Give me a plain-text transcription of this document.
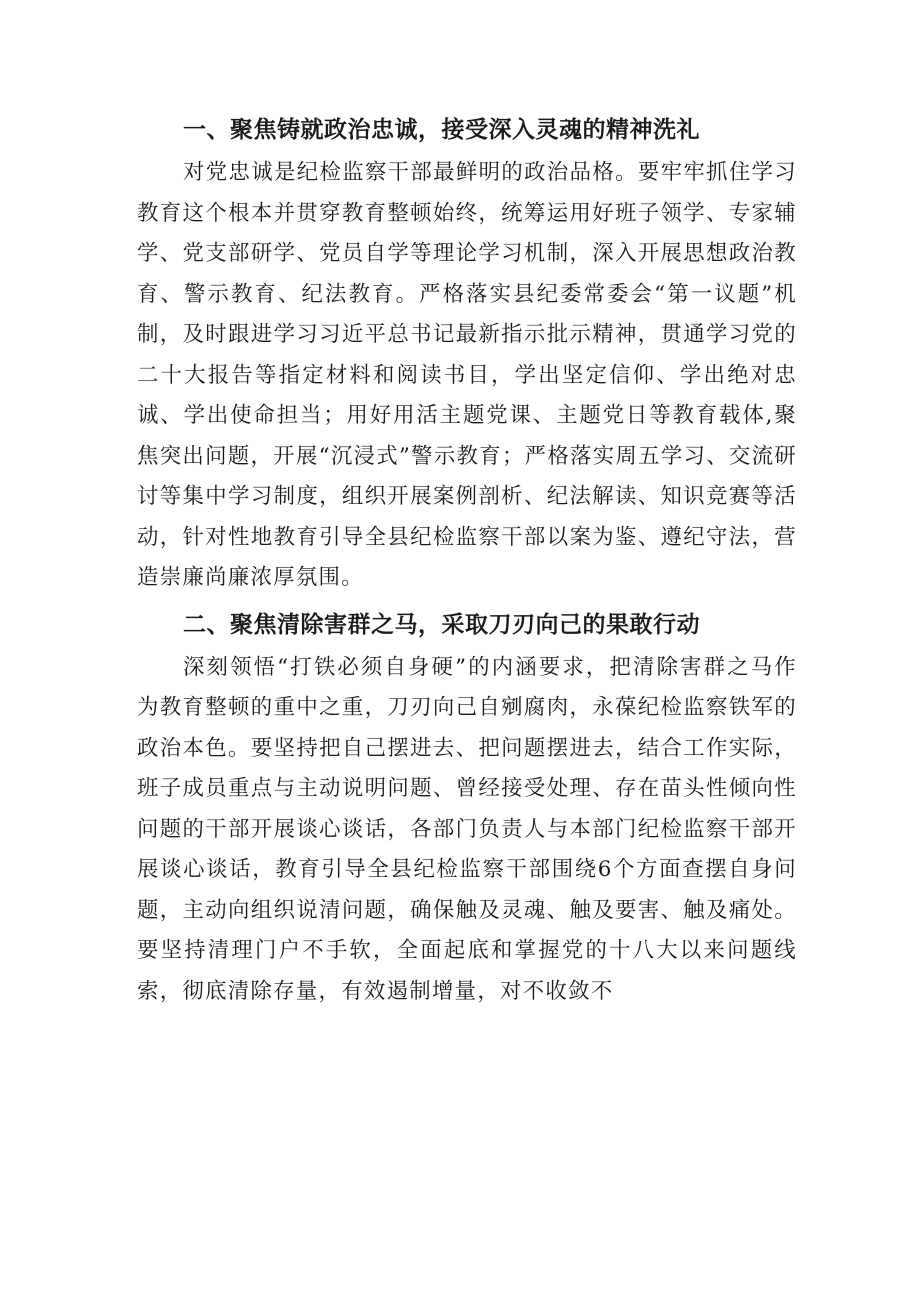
一、聚焦铸就政治忠诚，接受深入灵魂的精神洗礼

对党忠诚是纪检监察干部最鲜明的政治品格。要牢牢抓住学习教育这个根本并贯穿教育整顿始终，统筹运用好班子领学、专家辅学、党支部研学、党员自学等理论学习机制，深入开展思想政治教育、警示教育、纪法教育。严格落实县纪委常委会“第一议题”机制，及时跟进学习习近平总书记最新指示批示精神，贯通学习党的二十大报告等指定材料和阅读书目，学出坚定信仰、学出绝对忠诚、学出使命担当；用好用活主题党课、主题党日等教育载体,聚焦突出问题，开展“沉浸式”警示教育；严格落实周五学习、交流研讨等集中学习制度，组织开展案例剖析、纪法解读、知识竞赛等活动，针对性地教育引导全县纪检监察干部以案为鉴、遵纪守法，营造崇廉尚廉浓厚氛围。

二、聚焦清除害群之马，采取刀刃向己的果敢行动

深刻领悟“打铁必须自身硬”的内涵要求，把清除害群之马作为教育整顿的重中之重，刀刃向己自剜腐肉，永葆纪检监察铁军的政治本色。要坚持把自己摆进去、把问题摆进去，结合工作实际，班子成员重点与主动说明问题、曾经接受处理、存在苗头性倾向性问题的干部开展谈心谈话，各部门负责人与本部门纪检监察干部开展谈心谈话，教育引导全县纪检监察干部围绕6个方面查摆自身问题，主动向组织说清问题，确保触及灵魂、触及要害、触及痛处。要坚持清理门户不手软，全面起底和掌握党的十八大以来问题线索，彻底清除存量，有效遏制增量，对不收敛不
